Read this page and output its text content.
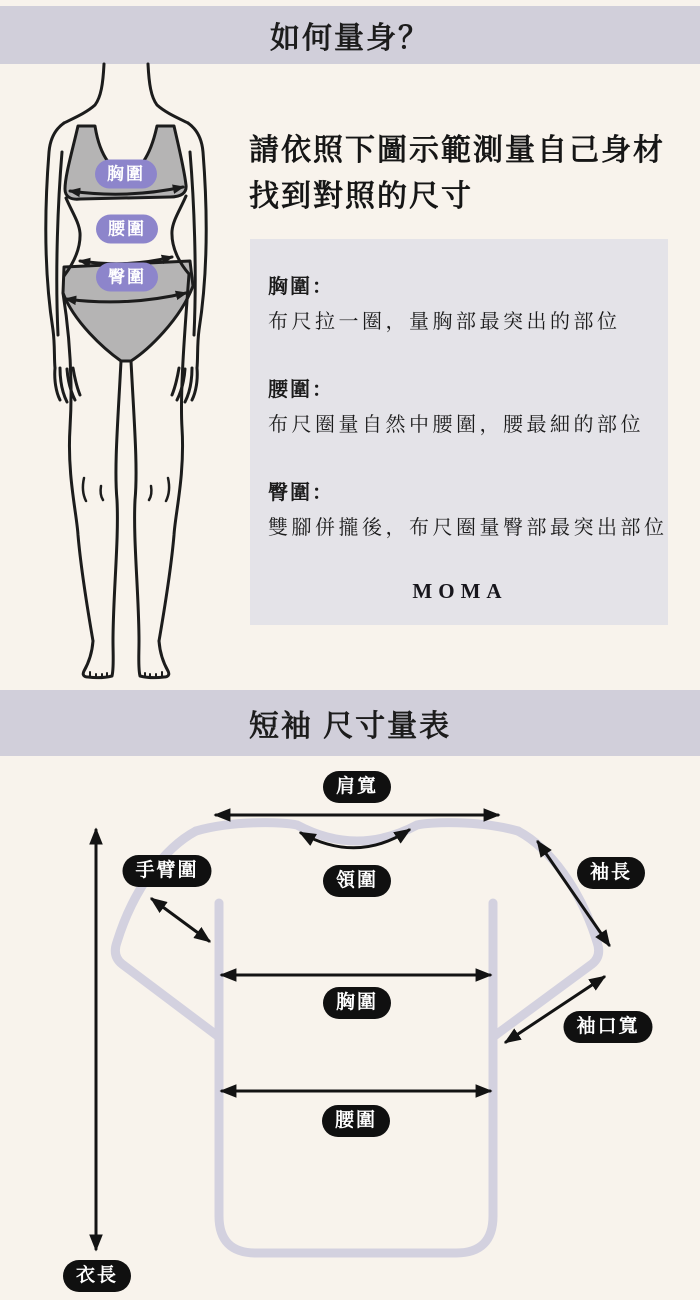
如何量身？
胸圍
腰圍
臀圍
請依照下圖示範測量自己身材
找到對照的尺寸
胸圍：
布尺拉一圈，量胸部最突出的部位
腰圍：
布尺圈量自然中腰圍，腰最細的部位
臀圍：
雙腳併攏後，布尺圈量臀部最突出部位
MOMA
短袖 尺寸量表
肩寬
手臂圍	領圍	袖長
胸圍
袖口寬
腰圍
衣長
